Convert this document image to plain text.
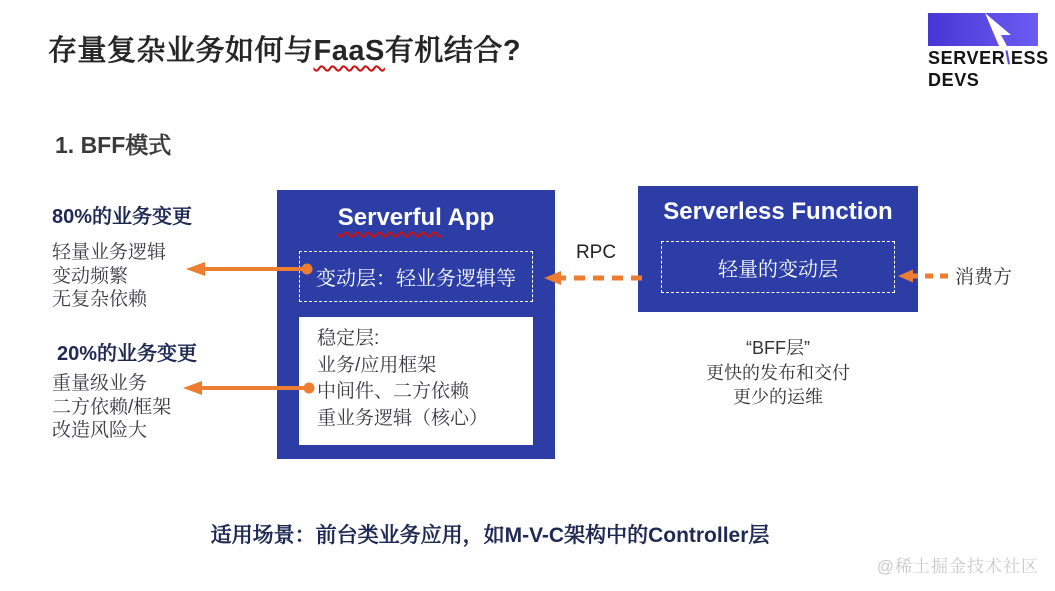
存量复杂业务如何与FaaS有机结合?	SERVER\ESS
DEVS
1. BFF模式
80%的业务变更
轻量业务逻辑
变动频繁
无复杂依赖
20%的业务变更
重量级业务
二方依赖/框架
改造风险大
Serverful App
变动层：轻业务逻辑等
稳定层:
业务/应用框架
中间件、二方依赖
重业务逻辑（核心）
Serverless Function
轻量的变动层
RPC
消费方
“BFF层”
更快的发布和交付
更少的运维
适用场景：前台类业务应用，如M-V-C架构中的Controller层
@稀土掘金技术社区
